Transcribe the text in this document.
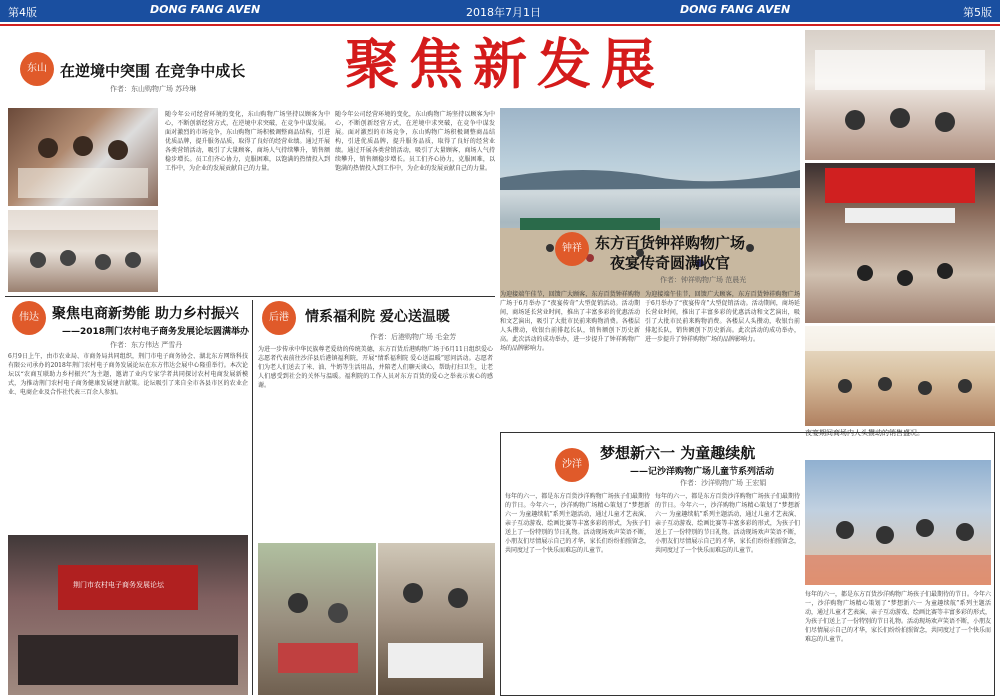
第4版	DONG FANG AVEN	2018年7月1日	DONG FANG AVEN	第5版
聚焦新发展
东山 在逆境中突围 在竞争中成长
作者：东山购物广场 苏玲琳
随今年公司经营环境的变化，东山购物广场坚持以顾客为中心，不断创新经营方式，在逆境中求突破，在竞争中谋发展。面对激烈的市场竞争，东山购物广场积极调整商品结构，引进优质品牌，提升服务品质，取得了良好的经营业绩。通过开展各类营销活动，吸引了大量顾客，商场人气持续攀升，销售额稳步增长。员工们齐心协力，克服困难，以饱满的热情投入到工作中，为企业的发展贡献自己的力量。
随今年公司经营环境的变化，东山购物广场坚持以顾客为中心，不断创新经营方式，在逆境中求突破，在竞争中谋发展。面对激烈的市场竞争，东山购物广场积极调整商品结构，引进优质品牌，提升服务品质，取得了良好的经营业绩。通过开展各类营销活动，吸引了大量顾客，商场人气持续攀升，销售额稳步增长。员工们齐心协力，克服困难，以饱满的热情投入到工作中，为企业的发展贡献自己的力量。
钟祥 东方百货钟祥购物广场
夜宴传奇圆满收官
作者：钟祥购物广场 范晨光
为迎接端午佳节，回馈广大顾客，东方百货钟祥购物广场于6月举办了“夜宴传奇”大型促销活动。活动期间，商场延长营业时间，推出了丰富多彩的优惠活动和文艺演出，吸引了大批市民前来购物消费。各楼层人头攒动，收银台前排起长队，销售额创下历史新高。此次活动的成功举办，进一步提升了钟祥购物广场的品牌影响力。
为迎接端午佳节，回馈广大顾客，东方百货钟祥购物广场于6月举办了“夜宴传奇”大型促销活动。活动期间，商场延长营业时间，推出了丰富多彩的优惠活动和文艺演出，吸引了大批市民前来购物消费。各楼层人头攒动，收银台前排起长队，销售额创下历史新高。此次活动的成功举办，进一步提升了钟祥购物广场的品牌影响力。
夜宴期间商场内人头攒动的销售盛况。
伟达 聚焦电商新势能 助力乡村振兴
——2018荆门农村电子商务发展论坛圆满举办
作者：东方伟达 严雪丹
6月9日上午，由市农业局、市商务局共同组织，荆门市电子商务协会、湖北东方网络科技有限公司承办的2018年荆门农村电子商务发展论坛在东方伟达会展中心隆重举行。本次论坛以“农商互联助力乡村振兴”为主题，邀请了业内专家学者共同探讨农村电商发展新模式，为推动荆门农村电子商务健康发展建言献策。论坛吸引了来自全市各县市区的农业企业、电商企业及合作社代表三百余人参加。
荆门市农村电子商务发展论坛
后港	情系福利院 爱心送温暖
作者：后港购物广场 毛金芳
为进一步传承中华民族尊老爱幼的传统美德，东方百货后港购物广场于6月11日组织爱心志愿者代表前往沙洋县后港镇福利院，开展“情系福利院 爱心送温暖”慰问活动。志愿者们为老人们送去了米、油、牛奶等生活用品，并陪老人们聊天谈心，帮助打扫卫生，让老人们感受到社会的关怀与温暖。福利院的工作人员对东方百货的爱心之举表示衷心的感谢。
沙洋
梦想新六一 为童趣续航
——记沙洋购物广场儿童节系列活动
作者：沙洋购物广场 王宏娟
每年的六一，都是东方百货沙洋购物广场孩子们最期待的节日。今年六一，沙洋购物广场精心策划了“梦想新六一 为童趣续航”系列主题活动，通过儿童才艺表演、亲子互动游戏、绘画比赛等丰富多彩的形式，为孩子们送上了一份特别的节日礼物。活动现场欢声笑语不断，小朋友们尽情展示自己的才华，家长们纷纷拍照留念，共同度过了一个快乐而难忘的儿童节。
每年的六一，都是东方百货沙洋购物广场孩子们最期待的节日。今年六一，沙洋购物广场精心策划了“梦想新六一 为童趣续航”系列主题活动，通过儿童才艺表演、亲子互动游戏、绘画比赛等丰富多彩的形式，为孩子们送上了一份特别的节日礼物。活动现场欢声笑语不断，小朋友们尽情展示自己的才华，家长们纷纷拍照留念，共同度过了一个快乐而难忘的儿童节。
每年的六一，都是东方百货沙洋购物广场孩子们最期待的节日。今年六一，沙洋购物广场精心策划了“梦想新六一 为童趣续航”系列主题活动，通过儿童才艺表演、亲子互动游戏、绘画比赛等丰富多彩的形式，为孩子们送上了一份特别的节日礼物。活动现场欢声笑语不断，小朋友们尽情展示自己的才华，家长们纷纷拍照留念，共同度过了一个快乐而难忘的儿童节。
